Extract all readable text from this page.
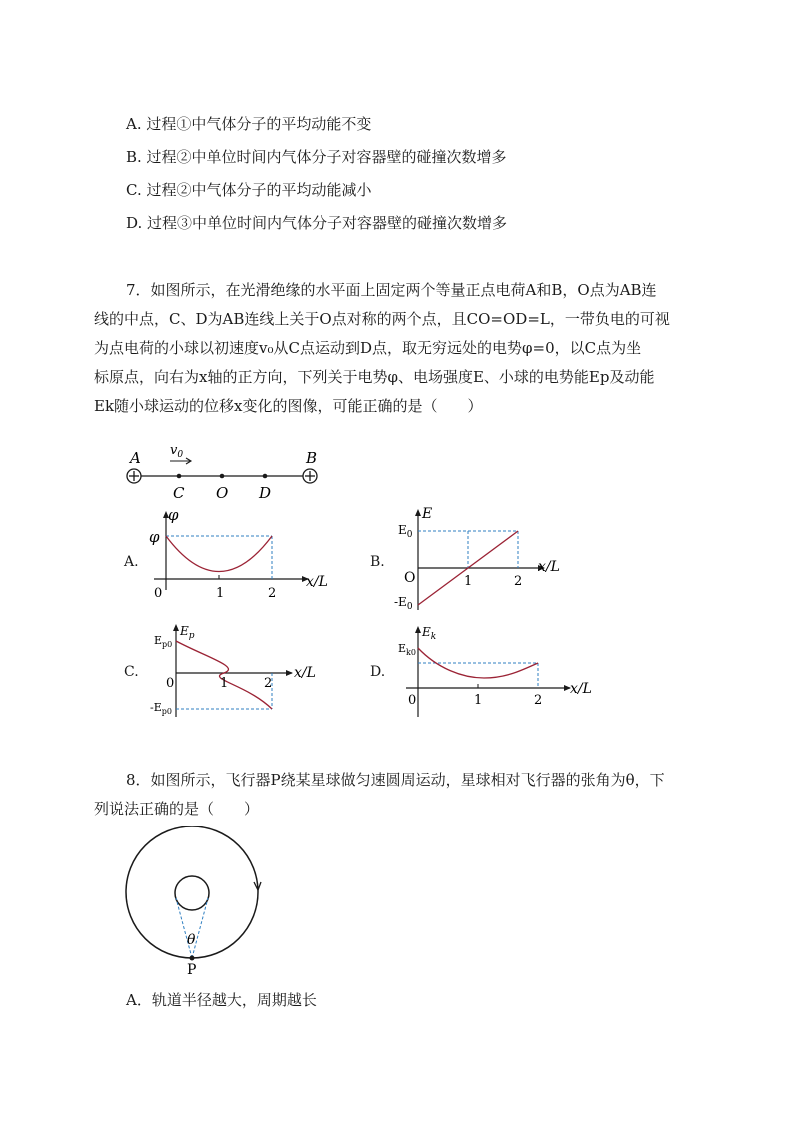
A. 过程①中气体分子的平均动能不变
B. 过程②中单位时间内气体分子对容器壁的碰撞次数增多
C. 过程②中气体分子的平均动能减小
D. 过程③中单位时间内气体分子对容器壁的碰撞次数增多

7．如图所示，在光滑绝缘的水平面上固定两个等量正点电荷A和B，O点为AB连

线的中点，C、D为AB连线上关于O点对称的两个点，且CO=OD=L，一带负电的可视

为点电荷的小球以初速度v₀从C点运动到D点，取无穷远处的电势φ=0，以C点为坐

标原点，向右为x轴的正方向，下列关于电势φ、电场强度E、小球的电势能Ep及动能

Ek随小球运动的位移x变化的图像，可能正确的是（　　）

A	B
C O D
$v_0$
A.
φ
φ
0	1	2
x/L
B.
E
$E_0$
$-E_0$
O	1	2
x/L
C.
$E_p$
$E_{p0}$
$-E_{p0}$
0	1	2
x/L	D.
$E_k$
$E_{k0}$
0	1	2
x/L

8．如图所示，飞行器P绕某星球做匀速圆周运动，星球相对飞行器的张角为θ，下

列说法正确的是（　　）

θ
P
A．轨道半径越大，周期越长
